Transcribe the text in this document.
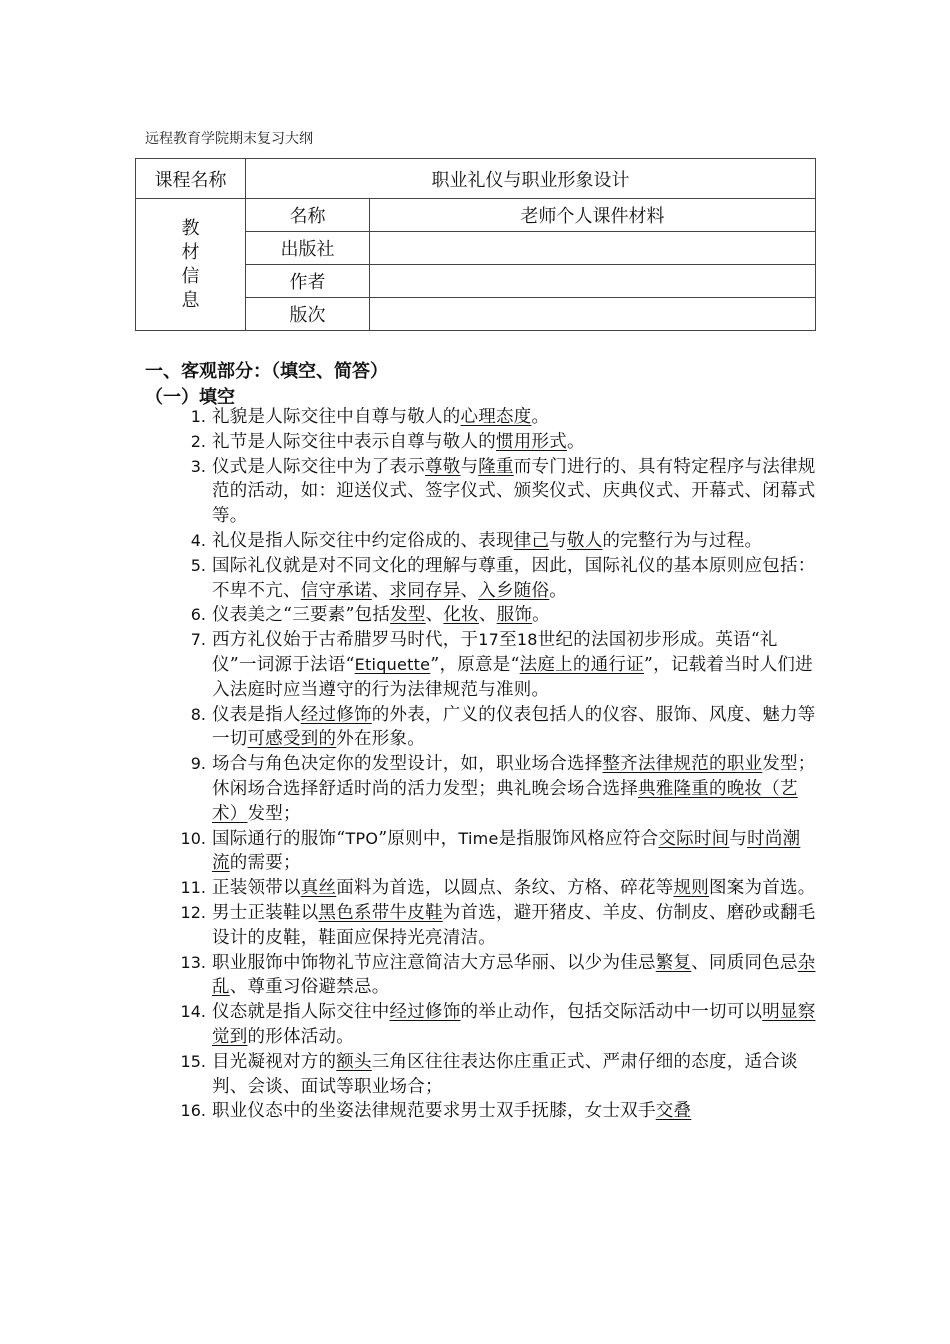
远程教育学院期末复习大纲
课程名称	职业礼仪与职业形象设计	
教
材
信
息	名称	老师个人课件材料
	出版社	
	作者	
	版次	
一、客观部分：（填空、简答）
（一）填空
1. 礼貌是人际交往中自尊与敬人的心理态度。
2. 礼节是人际交往中表示自尊与敬人的惯用形式。
3. 仪式是人际交往中为了表示尊敬与隆重而专门进行的、具有特定程序与法律规范的活动，如：迎送仪式、签字仪式、颁奖仪式、庆典仪式、开幕式、闭幕式等。
4. 礼仪是指人际交往中约定俗成的、表现律己与敬人的完整行为与过程。
5. 国际礼仪就是对不同文化的理解与尊重，因此，国际礼仪的基本原则应包括：不卑不亢、信守承诺、求同存异、入乡随俗。
6. 仪表美之“三要素”包括发型、化妆、服饰。
7. 西方礼仪始于古希腊罗马时代，于17至18世纪的法国初步形成。英语“礼仪”一词源于法语“Etiquette”，原意是“法庭上的通行证”，记载着当时人们进入法庭时应当遵守的行为法律规范与准则。
8. 仪表是指人经过修饰的外表，广义的仪表包括人的仪容、服饰、风度、魅力等一切可感受到的外在形象。
9. 场合与角色决定你的发型设计，如，职业场合选择整齐法律规范的职业发型；休闲场合选择舒适时尚的活力发型；典礼晚会场合选择典雅隆重的晚妆（艺术）发型；
10. 国际通行的服饰“TPO”原则中，Time是指服饰风格应符合交际时间与时尚潮流的需要；
11. 正装领带以真丝面料为首选，以圆点、条纹、方格、碎花等规则图案为首选。
12. 男士正装鞋以黑色系带牛皮鞋为首选，避开猪皮、羊皮、仿制皮、磨砂或翻毛设计的皮鞋，鞋面应保持光亮清洁。
13. 职业服饰中饰物礼节应注意简洁大方忌华丽、以少为佳忌繁复、同质同色忌杂乱、尊重习俗避禁忌。
14. 仪态就是指人际交往中经过修饰的举止动作，包括交际活动中一切可以明显察觉到的形体活动。
15. 目光凝视对方的额头三角区往往表达你庄重正式、严肃仔细的态度，适合谈判、会谈、面试等职业场合；
16. 职业仪态中的坐姿法律规范要求男士双手抚膝，女士双手交叠
